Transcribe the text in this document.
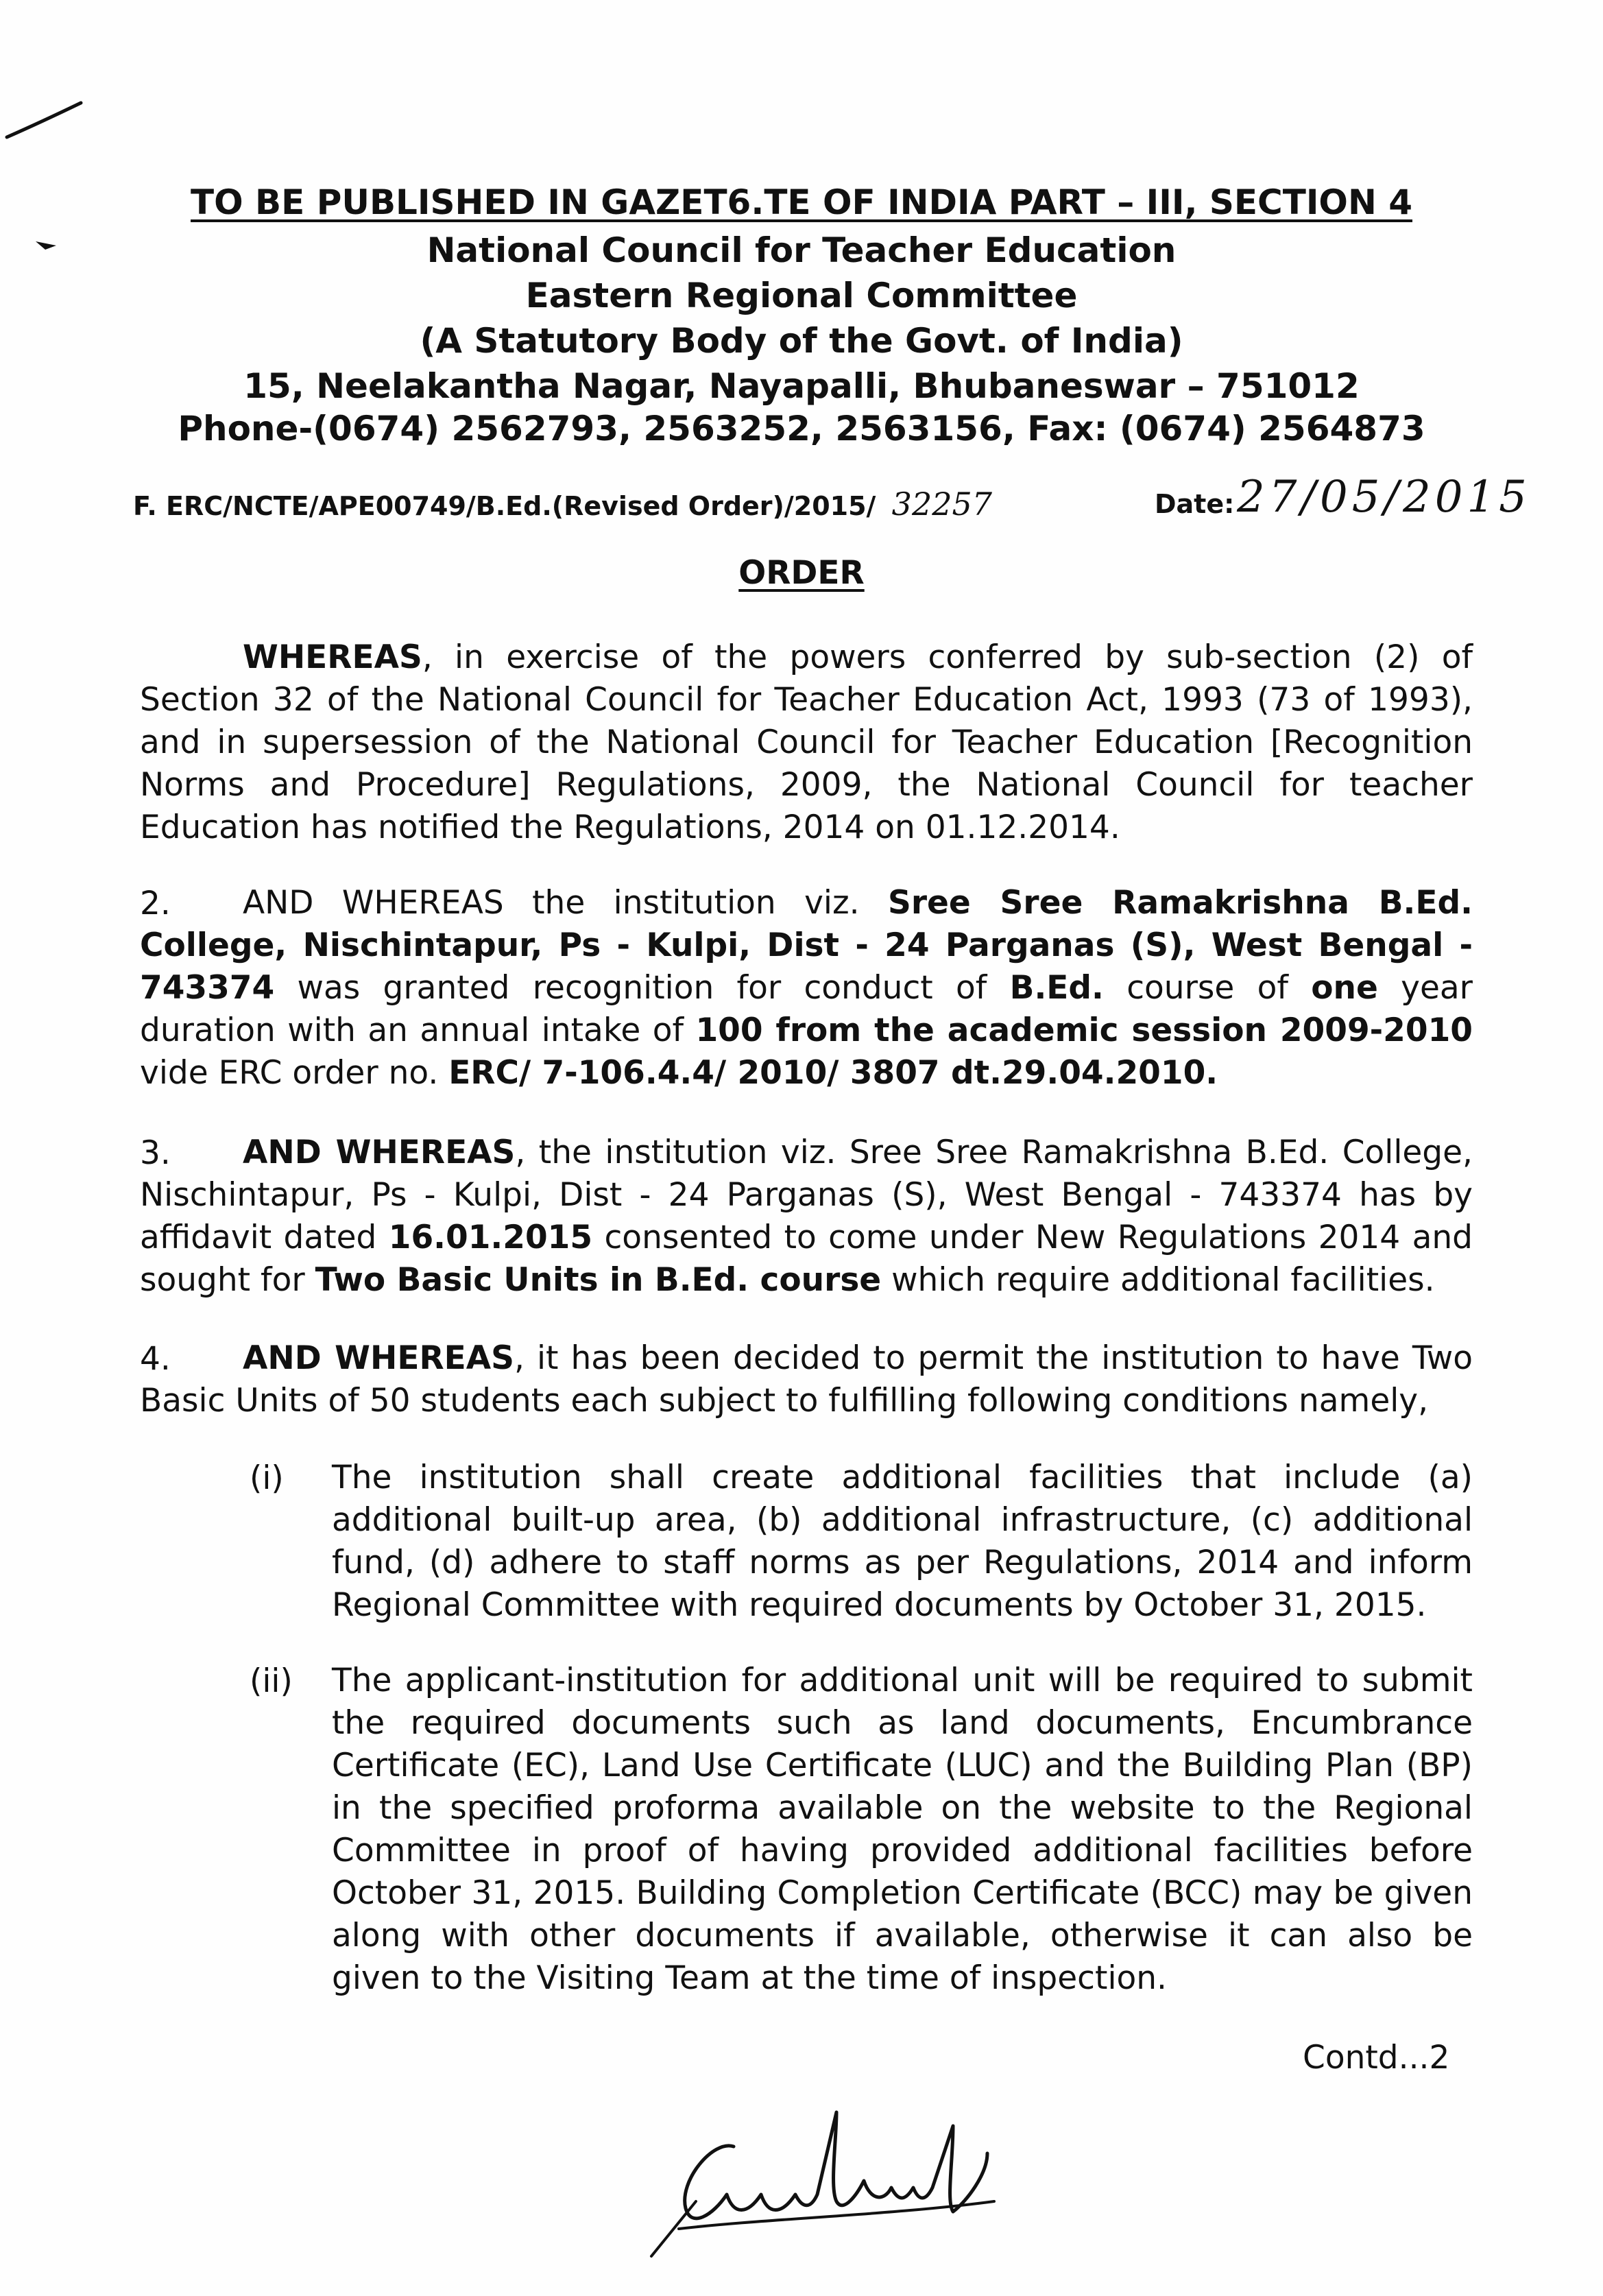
TO BE PUBLISHED IN GAZET6.TE OF INDIA PART – III, SECTION 4
National Council for Teacher Education
Eastern Regional Committee
(A Statutory Body of the Govt. of India)
15, Neelakantha Nagar, Nayapalli, Bhubaneswar – 751012
Phone-(0674) 2562793, 2563252, 2563156, Fax: (0674) 2564873
F. ERC/NCTE/APE00749/B.Ed.(Revised Order)/2015/ 32257	Date: 27/05/2015
ORDER
WHEREAS, in exercise of the powers conferred by sub-section (2) of Section 32 of the National Council for Teacher Education Act, 1993 (73 of 1993), and in supersession of the National Council for Teacher Education [Recognition Norms and Procedure] Regulations, 2009, the National Council for teacher Education has notified the Regulations, 2014 on 01.12.2014.
2.	AND WHEREAS the institution viz. Sree Sree Ramakrishna B.Ed. College, Nischintapur, Ps - Kulpi, Dist - 24 Parganas (S), West Bengal - 743374 was granted recognition for conduct of B.Ed. course of one year duration with an annual intake of 100 from the academic session 2009-2010 vide ERC order no. ERC/ 7-106.4.4/ 2010/ 3807 dt.29.04.2010.
3.	AND WHEREAS, the institution viz. Sree Sree Ramakrishna B.Ed. College, Nischintapur, Ps - Kulpi, Dist - 24 Parganas (S), West Bengal - 743374 has by affidavit dated 16.01.2015 consented to come under New Regulations 2014 and sought for Two Basic Units in B.Ed. course which require additional facilities.
4.	AND WHEREAS, it has been decided to permit the institution to have Two Basic Units of 50 students each subject to fulfilling following conditions namely,
(i) The institution shall create additional facilities that include (a) additional built-up area, (b) additional infrastructure, (c) additional fund, (d) adhere to staff norms as per Regulations, 2014 and inform Regional Committee with required documents by October 31, 2015.
(ii) The applicant-institution for additional unit will be required to submit the required documents such as land documents, Encumbrance Certificate (EC), Land Use Certificate (LUC) and the Building Plan (BP) in the specified proforma available on the website to the Regional Committee in proof of having provided additional facilities before October 31, 2015. Building Completion Certificate (BCC) may be given along with other documents if available, otherwise it can also be given to the Visiting Team at the time of inspection.
Contd...2
